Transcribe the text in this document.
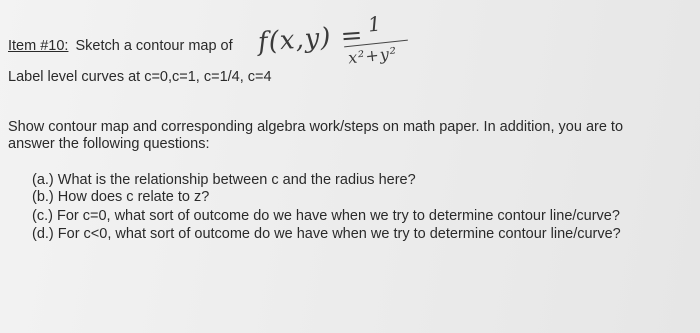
Item #10: Sketch a contour map of f(x,y) = 1
x²+y²
Label level curves at c=0,c=1, c=1/4, c=4
Show contour map and corresponding algebra work/steps on math paper. In addition, you are to
answer the following questions:
(a.) What is the relationship between c and the radius here?
(b.) How does c relate to z?
(c.) For c=0, what sort of outcome do we have when we try to determine contour line/curve?
(d.) For c<0, what sort of outcome do we have when we try to determine contour line/curve?
